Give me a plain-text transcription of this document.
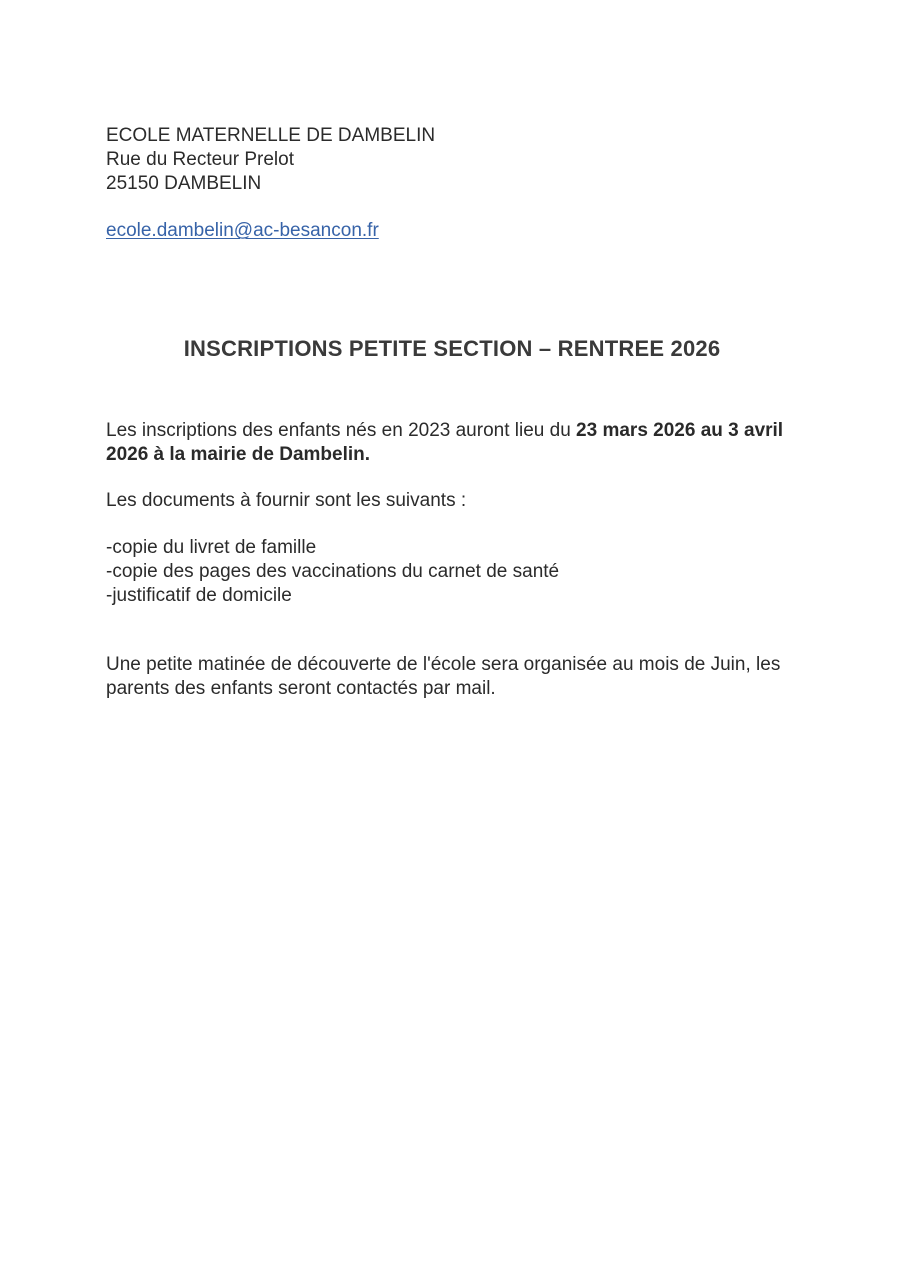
ECOLE MATERNELLE DE DAMBELIN
Rue du Recteur Prelot
25150 DAMBELIN
ecole.dambelin@ac-besancon.fr
INSCRIPTIONS PETITE SECTION – RENTREE 2026

Les inscriptions des enfants nés en 2023 auront lieu du 23 mars 2026 au 3 avril 2026 à la mairie de Dambelin.

Les documents à fournir sont les suivants :

-copie du livret de famille
-copie des pages des vaccinations du carnet de santé
-justificatif de domicile

Une petite matinée de découverte de l'école sera organisée au mois de Juin, les parents des enfants seront contactés par mail.
